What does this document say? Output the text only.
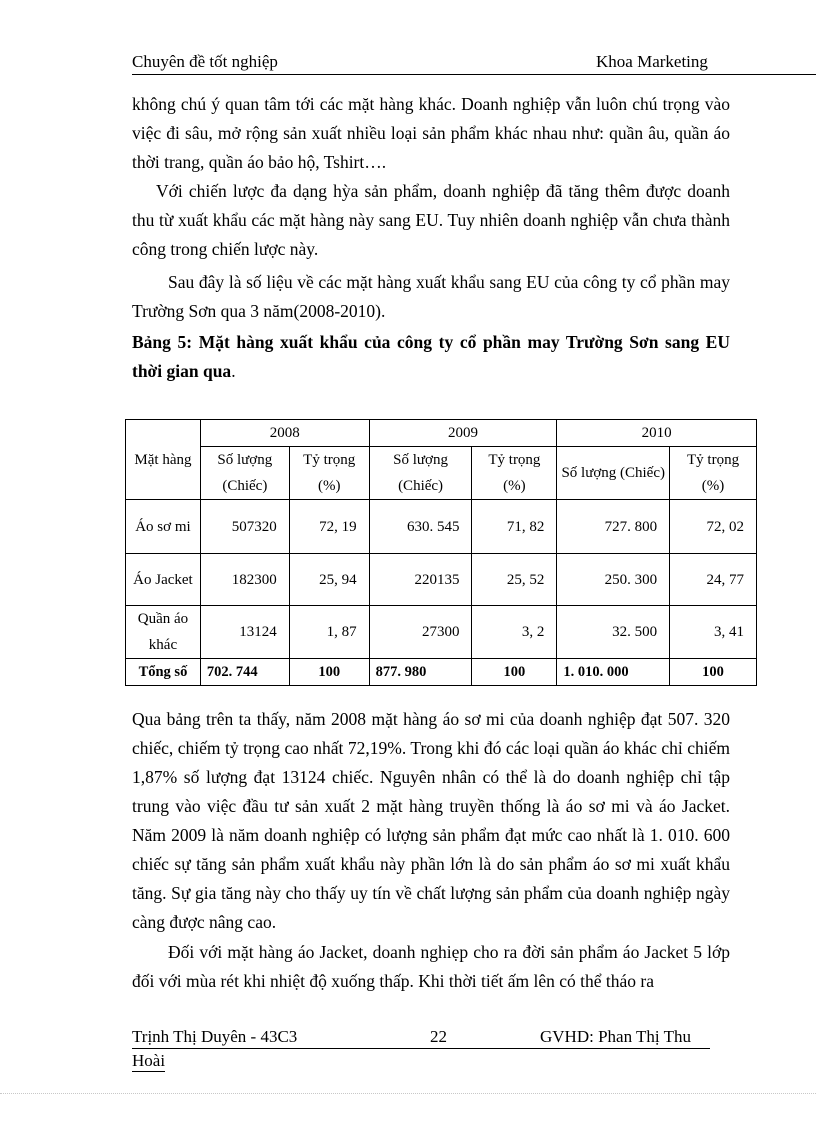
Chuyên đề tốt nghiệp	Khoa Marketing

không chú ý quan tâm tới các mặt hàng khác. Doanh nghiệp vẫn luôn chú trọng vào việc đi sâu, mở rộng sản xuất nhiều loại sản phẩm khác nhau như: quần âu, quần áo thời trang, quần áo bảo hộ, Tshirt….

Với chiến lược đa dạng hỳa sản phẩm, doanh nghiệp đã tăng thêm được doanh thu từ xuất khẩu các mặt hàng này sang EU. Tuy nhiên doanh nghiệp vẫn chưa thành công trong chiến lược này.

Sau đây là số liệu về các mặt hàng xuất khẩu sang EU của công ty cổ phần may Trường Sơn qua 3 năm(2008-2010).

Bảng 5: Mặt hàng xuất khẩu của công ty cổ phần may Trường Sơn sang EU thời gian qua.

Mặt hàng	2008		2009		2010	
	Số lượng (Chiếc)	Tỷ trọng (%)	Số lượng (Chiếc)	Tỷ trọng (%)	Số lượng (Chiếc)	Tỷ trọng (%)
Áo sơ mi	507320	72, 19	630. 545	71, 82	727. 800	72, 02
Áo Jacket	182300	25, 94	220135	25, 52	250. 300	24, 77
Quần áo khác	13124	1, 87	27300	3, 2	32. 500	3, 41
Tổng số	702. 744	100	877. 980	100	1. 010. 000	100

Qua bảng trên ta thấy, năm 2008 mặt hàng áo sơ mi của doanh nghiệp đạt 507. 320 chiếc, chiếm tỷ trọng cao nhất 72,19%. Trong khi đó các loại quần áo khác chỉ chiếm 1,87% số lượng đạt 13124 chiếc. Nguyên nhân có thể là do doanh nghiệp chỉ tập trung vào việc đầu tư sản xuất 2 mặt hàng truyền thống là áo sơ mi và áo Jacket. Năm 2009 là năm doanh nghiệp có lượng sản phẩm đạt mức cao nhất là 1. 010. 600 chiếc sự tăng sản phẩm xuất khẩu này phần lớn là do sản phẩm áo sơ mi xuất khẩu tăng. Sự gia tăng này cho thấy uy tín về chất lượng sản phẩm của doanh nghiệp ngày càng được nâng cao.

Đối với mặt hàng áo Jacket, doanh nghiẹp cho ra đời sản phẩm áo Jacket 5 lớp đối với mùa rét khi nhiệt độ xuống thấp. Khi thời tiết ấm lên có thể tháo ra

Trịnh Thị Duyên - 43C3	22	GVHD: Phan Thị Thu
Hoài
